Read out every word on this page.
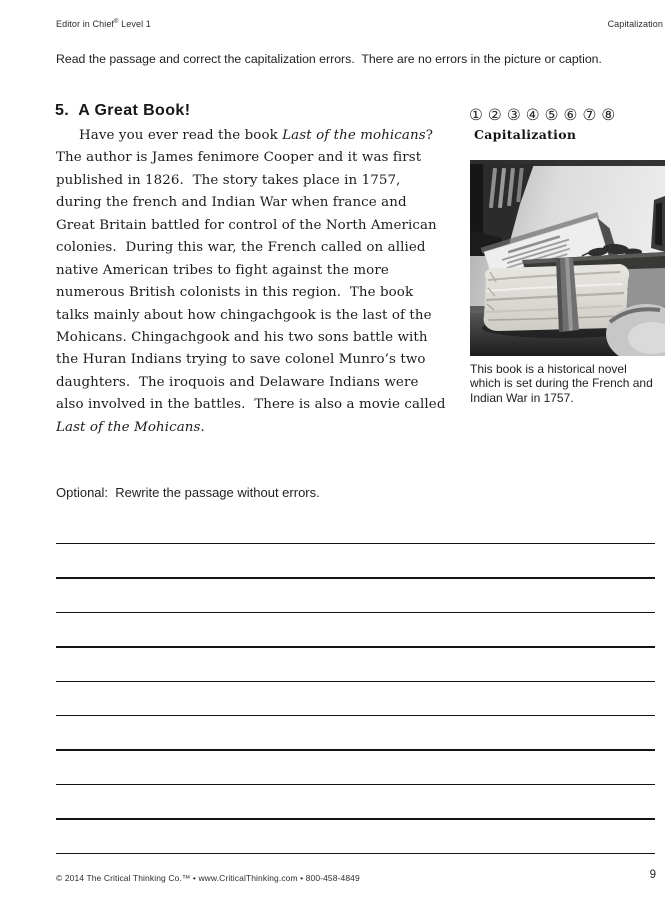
Editor in Chief® Level 1	Capitalization
Read the passage and correct the capitalization errors.  There are no errors in the picture or caption.
5.  A Great Book!
Have you ever read the book Last of the mohicans?
The author is James fenimore Cooper and it was first
published in 1826.  The story takes place in 1757,
during the french and Indian War when france and
Great Britain battled for control of the North American
colonies.  During this war, the French called on allied
native American tribes to fight against the more
numerous British colonists in this region.  The book
talks mainly about how chingachgook is the last of the
Mohicans. Chingachgook and his two sons battle with
the Huran Indians trying to save colonel Munro’s two
daughters.  The iroquois and Delaware Indians were
also involved in the battles.  There is also a movie called
Last of the Mohicans.
① ② ③ ④ ⑤ ⑥ ⑦ ⑧
Capitalization
This book is a historical novel
which is set during the French and
Indian War in 1757.
Optional:  Rewrite the passage without errors.
© 2014 The Critical Thinking Co.™ • www.CriticalThinking.com • 800-458-4849	9
